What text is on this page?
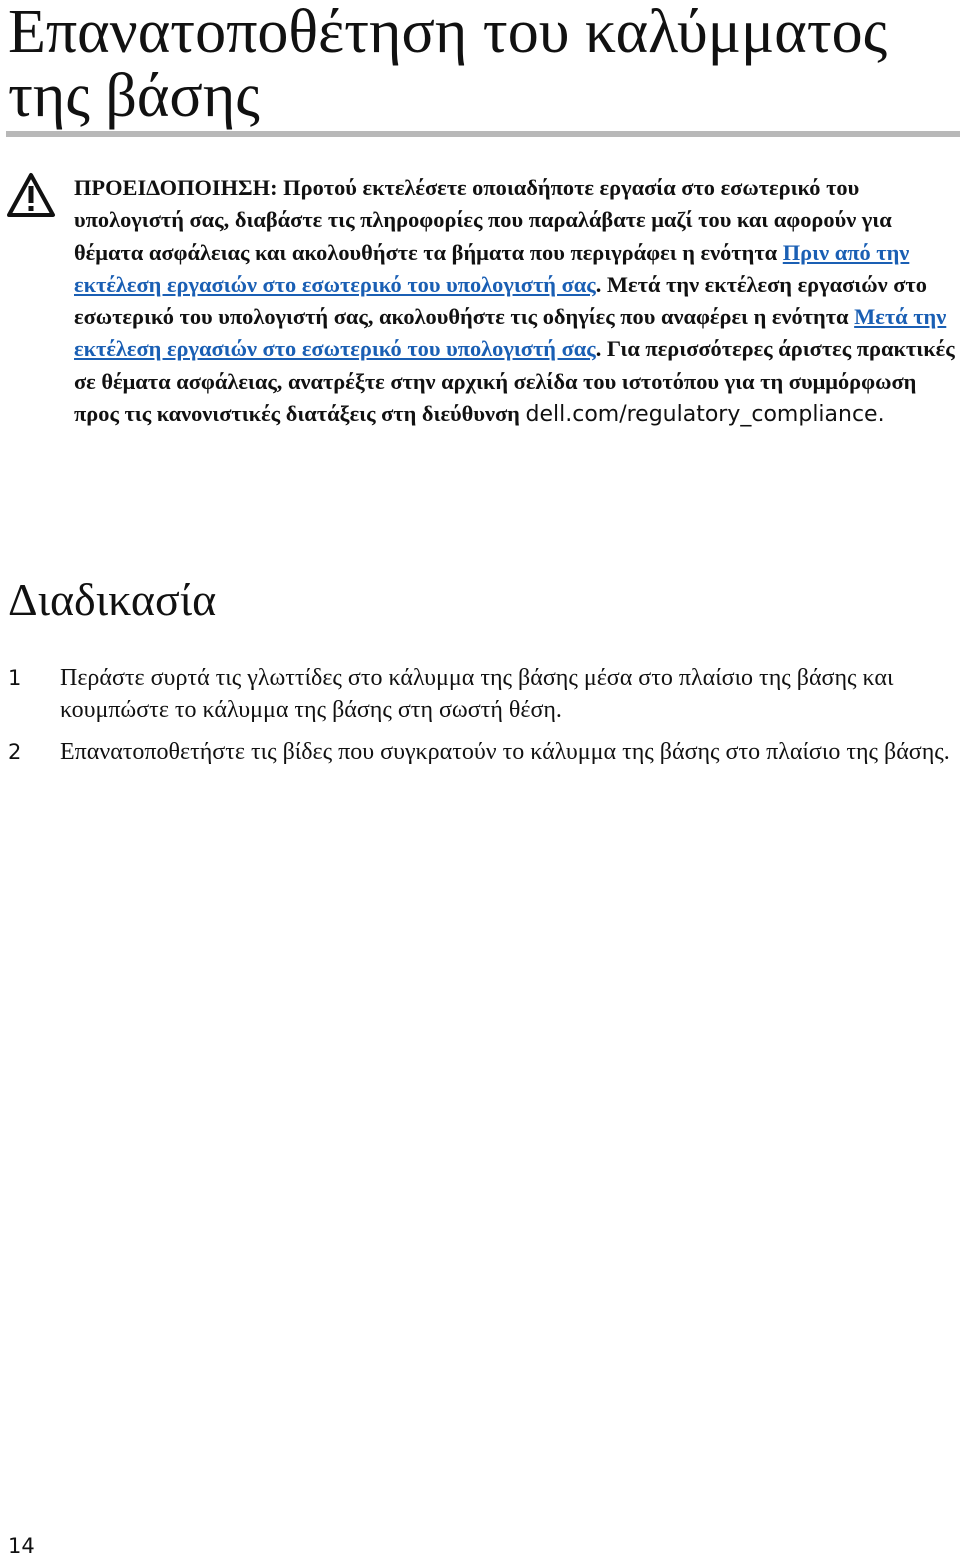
Επανατοποθέτηση του καλύμματος της βάσης

ΠΡΟΕΙΔΟΠΟΙΗΣΗ: Προτού εκτελέσετε οποιαδήποτε εργασία στο εσωτερικό του υπολογιστή σας, διαβάστε τις πληροφορίες που παραλάβατε μαζί του και αφορούν για θέματα ασφάλειας και ακολουθήστε τα βήματα που περιγράφει η ενότητα Πριν από την εκτέλεση εργασιών στο εσωτερικό του υπολογιστή σας. Μετά την εκτέλεση εργασιών στο εσωτερικό του υπολογιστή σας, ακολουθήστε τις οδηγίες που αναφέρει η ενότητα Μετά την εκτέλεση εργασιών στο εσωτερικό του υπολογιστή σας. Για περισσότερες άριστες πρακτικές σε θέματα ασφάλειας, ανατρέξτε στην αρχική σελίδα του ιστοτόπου για τη συμμόρφωση προς τις κανονιστικές διατάξεις στη διεύθυνση dell.com/regulatory_compliance.

Διαδικασία
1 Περάστε συρτά τις γλωττίδες στο κάλυμμα της βάσης μέσα στο πλαίσιο της βάσης και κουμπώστε το κάλυμμα της βάσης στη σωστή θέση.
2 Επανατοποθετήστε τις βίδες που συγκρατούν το κάλυμμα της βάσης στο πλαίσιο της βάσης.
14
